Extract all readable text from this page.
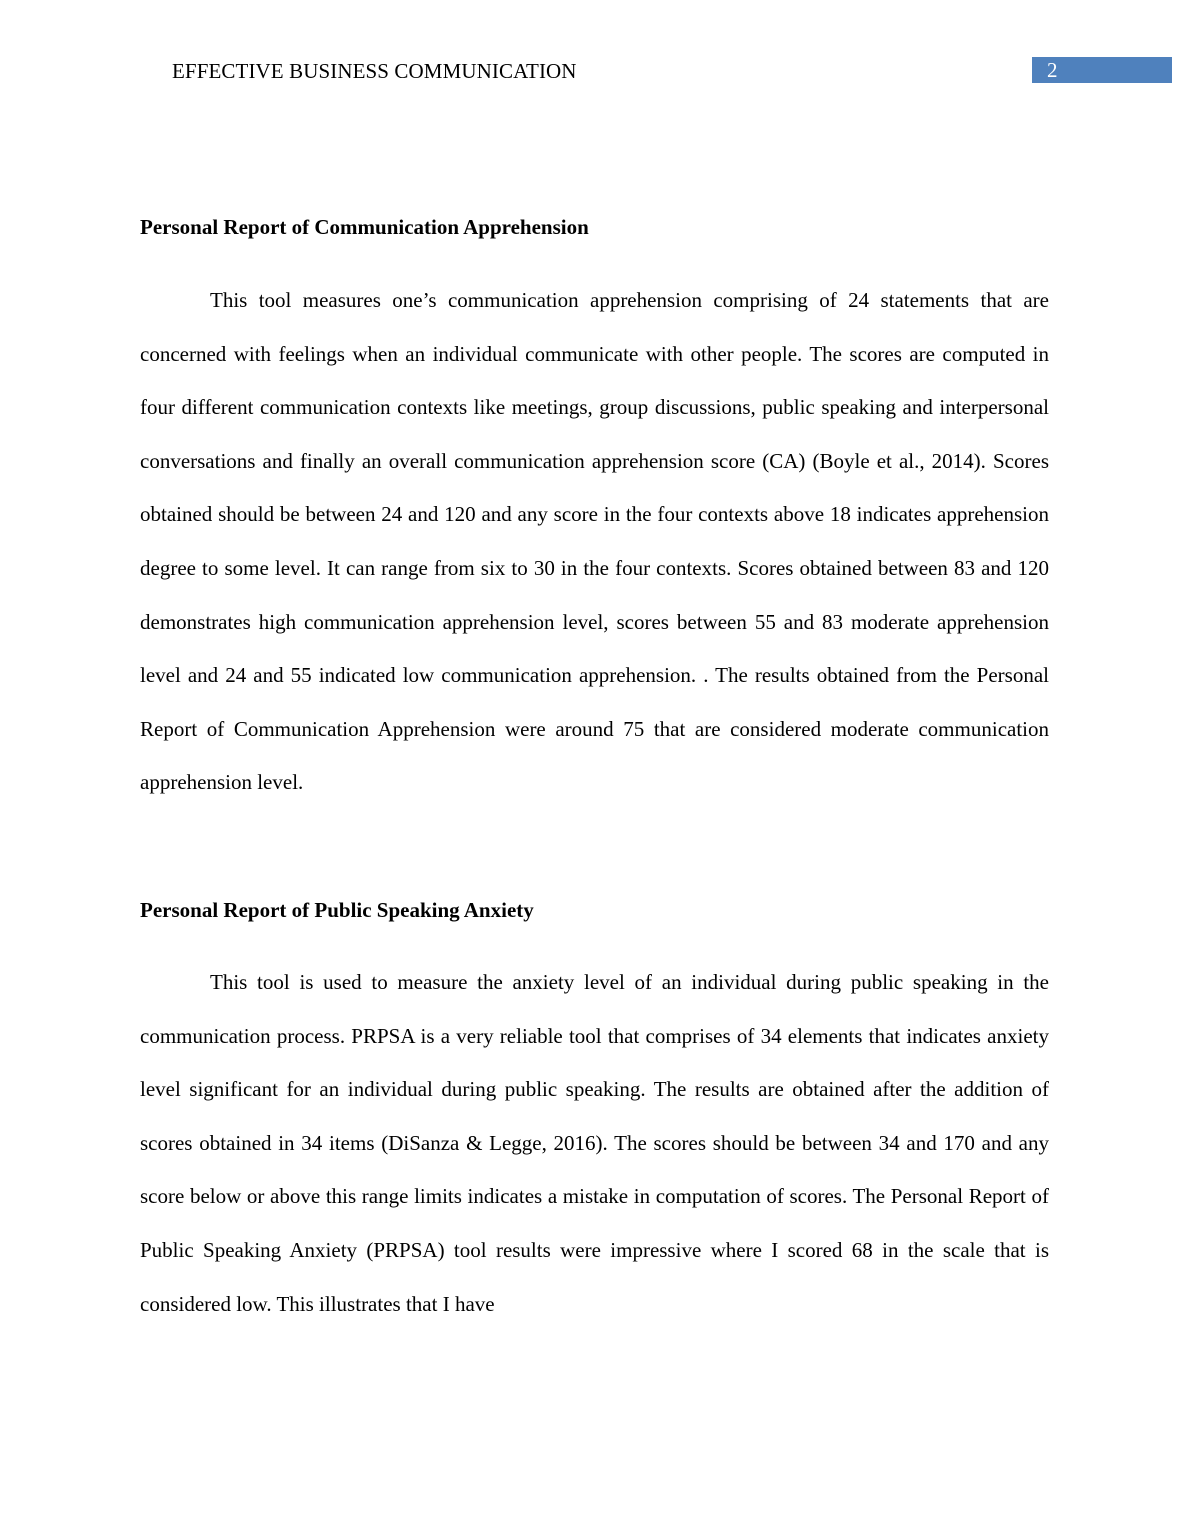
EFFECTIVE BUSINESS COMMUNICATION	2
Personal Report of Communication Apprehension

This tool measures one’s communication apprehension comprising of 24 statements that are concerned with feelings when an individual communicate with other people. The scores are computed in four different communication contexts like meetings, group discussions, public speaking and interpersonal conversations and finally an overall communication apprehension score (CA) (Boyle et al., 2014). Scores obtained should be between 24 and 120 and any score in the four contexts above 18 indicates apprehension degree to some level. It can range from six to 30 in the four contexts. Scores obtained between 83 and 120 demonstrates high communication apprehension level, scores between 55 and 83 moderate apprehension level and 24 and 55 indicated low communication apprehension. . The results obtained from the Personal Report of Communication Apprehension were around 75 that are considered moderate communication apprehension level.

Personal Report of Public Speaking Anxiety

This tool is used to measure the anxiety level of an individual during public speaking in the communication process. PRPSA is a very reliable tool that comprises of 34 elements that indicates anxiety level significant for an individual during public speaking. The results are obtained after the addition of scores obtained in 34 items (DiSanza & Legge, 2016). The scores should be between 34 and 170 and any score below or above this range limits indicates a mistake in computation of scores. The Personal Report of Public Speaking Anxiety (PRPSA) tool results were impressive where I scored 68 in the scale that is considered low. This illustrates that I have
